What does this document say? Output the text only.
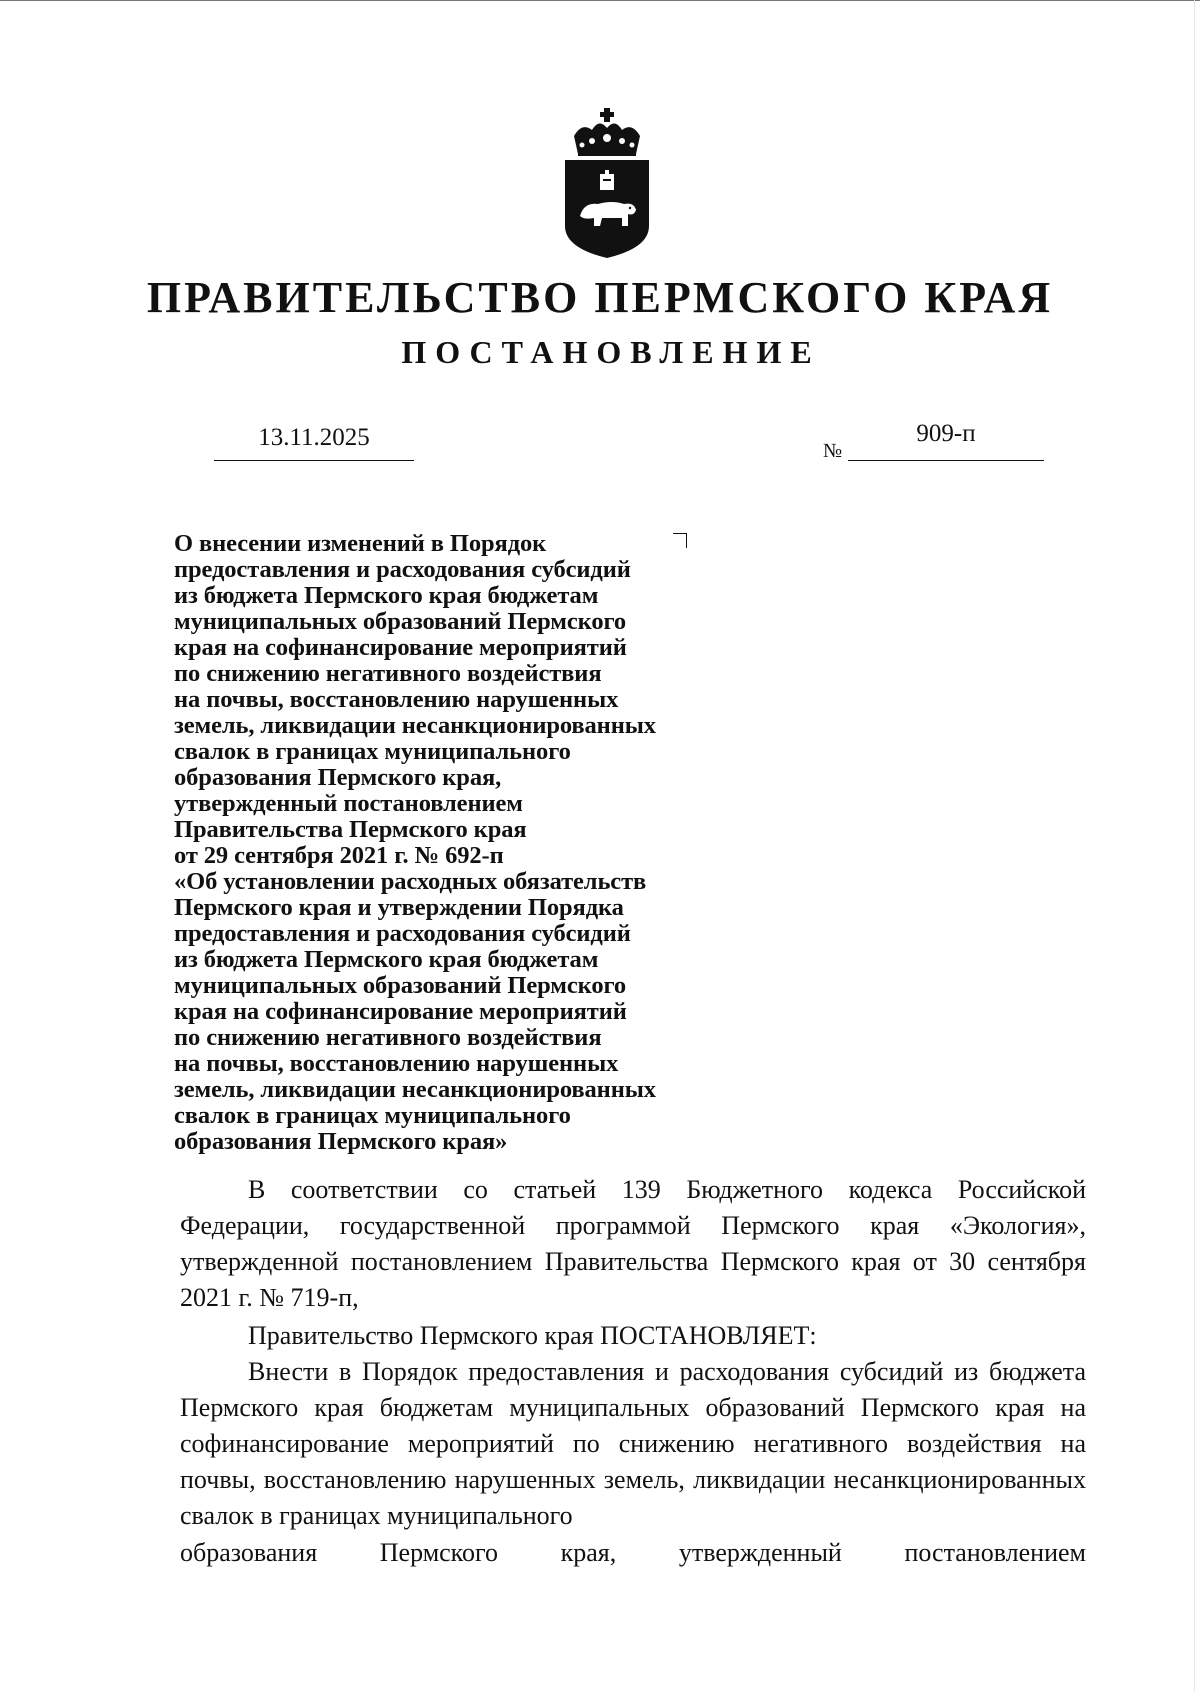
ПРАВИТЕЛЬСТВО ПЕРМСКОГО КРАЯ
ПОСТАНОВЛЕНИЕ
13.11.2025	№
909-п
О внесении изменений в Порядок
предоставления и расходования субсидий
из бюджета Пермского края бюджетам
муниципальных образований Пермского
края на софинансирование мероприятий
по снижению негативного воздействия
на почвы, восстановлению нарушенных
земель, ликвидации несанкционированных
свалок в границах муниципального
образования Пермского края,
утвержденный постановлением
Правительства Пермского края
от 29 сентября 2021 г. № 692-п
«Об установлении расходных обязательств
Пермского края и утверждении Порядка
предоставления и расходования субсидий
из бюджета Пермского края бюджетам
муниципальных образований Пермского
края на софинансирование мероприятий
по снижению негативного воздействия
на почвы, восстановлению нарушенных
земель, ликвидации несанкционированных
свалок в границах муниципального
образования Пермского края»
В соответствии со статьей 139 Бюджетного кодекса Российской Федерации, государственной программой Пермского края «Экология», утвержденной постановлением Правительства Пермского края от 30 сентября 2021 г. № 719-п,
Правительство Пермского края ПОСТАНОВЛЯЕТ:
Внести в Порядок предоставления и расходования субсидий из бюджета Пермского края бюджетам муниципальных образований Пермского края на софинансирование мероприятий по снижению негативного воздействия на почвы, восстановлению нарушенных земель, ликвидации несанкционированных свалок в границах муниципального
образования Пермского края, утвержденный постановлением
